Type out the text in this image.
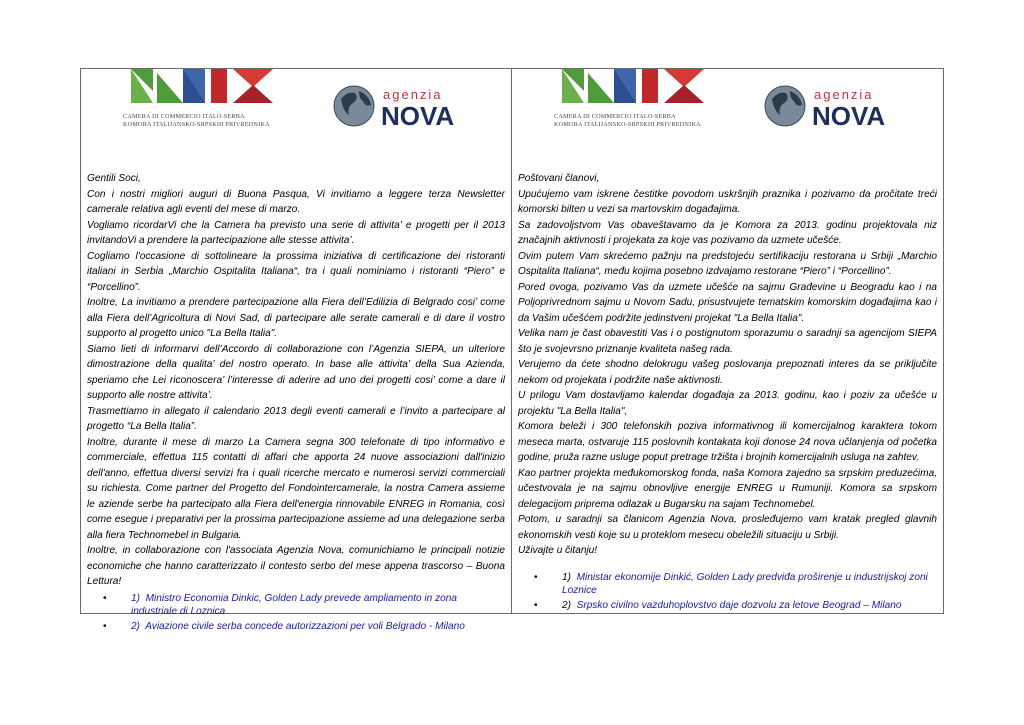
CAMERA DI COMMERCIO ITALO-SERBA
KOMORA ITALIJANSKO-SRPSKIH PRIVREDNIKA
agenzia
NOVA

Gentili Soci,

Con i nostri migliori auguri di Buona Pasqua, Vi invitiamo a leggere terza Newsletter camerale relativa agli eventi del mese di marzo.

Vogliamo ricordarVi che la Camera ha previsto una serie di attivita’ e progetti per il 2013 invitandoVi a prendere la partecipazione alle stesse attivita’.

Cogliamo l'occasione di sottolineare la prossima iniziativa di certificazione dei ristoranti italiani in Serbia „Marchio Ospitalita Italiana“, tra i quali nominiamo i ristoranti “Piero” e “Porcellino”.

Inoltre, La invitiamo a prendere partecipazione alla Fiera dell’Edilizia di Belgrado cosi’ come alla Fiera dell’Agricoltura di Novi Sad, di partecipare alle serate camerali e di dare il vostro supporto al progetto unico "La Bella Italia".

Siamo lieti di informarvi dell’Accordo di collaborazione con l’Agenzia SIEPA, un ulteriore dimostrazione della qualita’ del nostro operato. In base alle attivita’ della Sua Azienda, speriamo che Lei riconoscera’ l’interesse di aderire ad uno dei progetti cosi’ come a dare il supporto alle nostre attivita’.

Trasmettiamo in allegato il calendario 2013 degli eventi camerali e l’invito a partecipare al progetto “La Bella Italia”.

Inoltre, durante il mese di marzo La Camera segna 300 telefonate di tipo informativo e commerciale, effettua 115 contatti di affari che apporta 24 nuove associazioni dall'inizio dell'anno, effettua diversi servizi fra i quali ricerche mercato e numerosi servizi commerciali su richiesta. Come partner del Progetto del Fondointercamerale, la nostra Camera assieme le aziende serbe ha partecipato alla Fiera dell'energia rinnovabile ENREG in Romania, così come esegue i preparativi per la prossima partecipazione assieme ad una delegazione serba alla fiera Technomebel in Bulgaria.

Inoltre, in collaborazione con l'associata Agenzia Nova, comunichiamo le principali notizie economiche che hanno caratterizzato il contesto serbo del mese appena trascorso – Buona Lettura!

• 1) Ministro Economia Dinkic, Golden Lady prevede ampliamento in zona industriale di Loznica
• 2) Aviazione civile serba concede autorizzazioni per voli Belgrado - Milano
CAMERA DI COMMERCIO ITALO-SERBA
KOMORA ITALIJANSKO-SRPSKIH PRIVREDNIKA
agenzia
NOVA

Poštovani članovi,

Upućujemo vam iskrene čestitke povodom uskršnjih praznika i pozivamo da pročitate treći komorski bilten u vezi sa martovskim događajima.

Sa zadovoljstvom Vas obaveštavamo da je Komora za 2013. godinu projektovala niz značajnih aktivnosti i projekata za koje vas pozivamo da uzmete učešće.

Ovim putem Vam skrećemo pažnju na predstojeću sertifikaciju restorana u Srbiji „Marchio Ospitalita Italiana“, među kojima posebno izdvajamo restorane “Piero” i “Porcellino”.

Pored ovoga, pozivamo Vas da uzmete učešće na sajmu Građevine u Beogradu kao i na Poljoprivrednom sajmu u Novom Sadu, prisustvujete tematskim komorskim događajima kao i da Vašim učešćem podržite jedinstveni projekat "La Bella Italia".

Velika nam je čast obavestiti Vas i o postignutom sporazumu o saradnji sa agencijom SIEPA što je svojevrsno priznanje kvaliteta našeg rada.

Verujemo da ćete shodno delokrugu vašeg poslovanja prepoznati interes da se priključite nekom od projekata i podržite naše aktivnosti.

U prilogu Vam dostavljamo kalendar događaja za 2013. godinu, kao i poziv za učešće u projektu "La Bella Italia",

Komora beleži i 300 telefonskih poziva informativnog ili komercijalnog karaktera tokom meseca marta, ostvaruje 115 poslovnih kontakata koji donose 24 nova učlanjenja od početka godine, pruža razne usluge poput pretrage tržišta i brojnih komercijalnih usluga na zahtev.

Kao partner projekta međukomorskog fonda, naša Komora zajedno sa srpskim preduzećima, učestvovala je na sajmu obnovljive energije ENREG u Rumuniji. Komora sa srpskom delegacijom priprema odlazak u Bugarsku na sajam Technomebel.

Potom, u saradnji sa članicom Agenzia Nova, prosleđujemo vam kratak pregled glavnih ekonomskih vesti koje su u proteklom mesecu obeležili situaciju u Srbiji.

Uživajte u čitanju!

• 1) Ministar ekonomije Dinkić, Golden Lady predviđa proširenje u industrijskoj zoni Loznice
• 2) Srpsko civilno vazduhoplovstvo daje dozvolu za letove Beograd – Milano
